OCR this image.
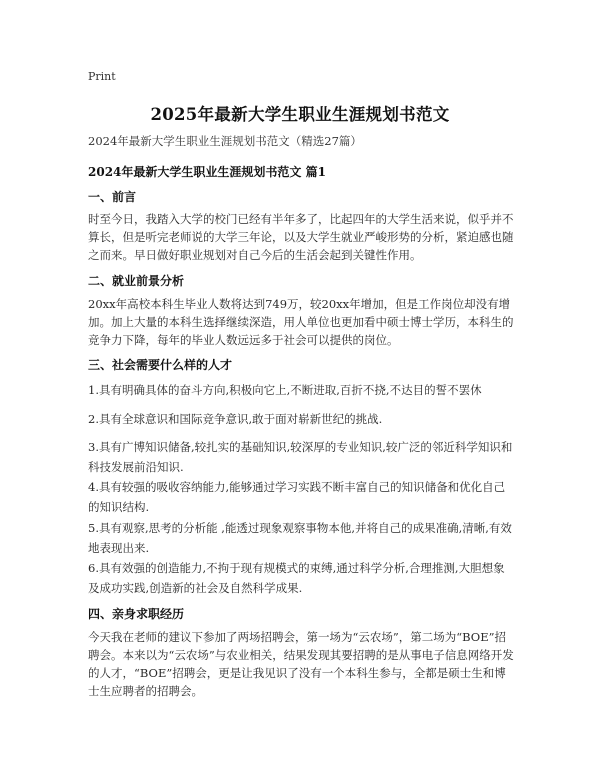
Print
2025年最新大学生职业生涯规划书范文
2024年最新大学生职业生涯规划书范文（精选27篇）
2024年最新大学生职业生涯规划书范文 篇1
一、前言
时至今日，我踏入大学的校门已经有半年多了，比起四年的大学生活来说，似乎并不算长，但是听完老师说的大学三年论，以及大学生就业严峻形势的分析，紧迫感也随之而来。早日做好职业规划对自己今后的生活会起到关键性作用。
二、就业前景分析
20xx年高校本科生毕业人数将达到749万，较20xx年增加，但是工作岗位却没有增加。加上大量的本科生选择继续深造，用人单位也更加看中硕士博士学历，本科生的竞争力下降，每年的毕业人数远远多于社会可以提供的岗位。
三、社会需要什么样的人才
1.具有明确具体的奋斗方向,积极向它上,不断进取,百折不挠,不达目的誓不罢休
2.具有全球意识和国际竞争意识,敢于面对崭新世纪的挑战.
3.具有广博知识储备,较扎实的基础知识,较深厚的专业知识,较广泛的邻近科学知识和科技发展前沿知识.
4.具有较强的吸收容纳能力,能够通过学习实践不断丰富自己的知识储备和优化自己的知识结构.
5.具有观察,思考的分析能 ,能透过现象观察事物本他,并将自己的成果准确,清晰,有效地表现出来.
6.具有效强的创造能力,不拘于现有规模式的束缚,通过科学分析,合理推测,大胆想象及成功实践,创造新的社会及自然科学成果.
四、亲身求职经历
今天我在老师的建议下参加了两场招聘会，第一场为“云农场”，第二场为“BOE”招聘会。本来以为“云农场”与农业相关，结果发现其要招聘的是从事电子信息网络开发的人才，“BOE”招聘会，更是让我见识了没有一个本科生参与，全都是硕士生和博士生应聘者的招聘会。
